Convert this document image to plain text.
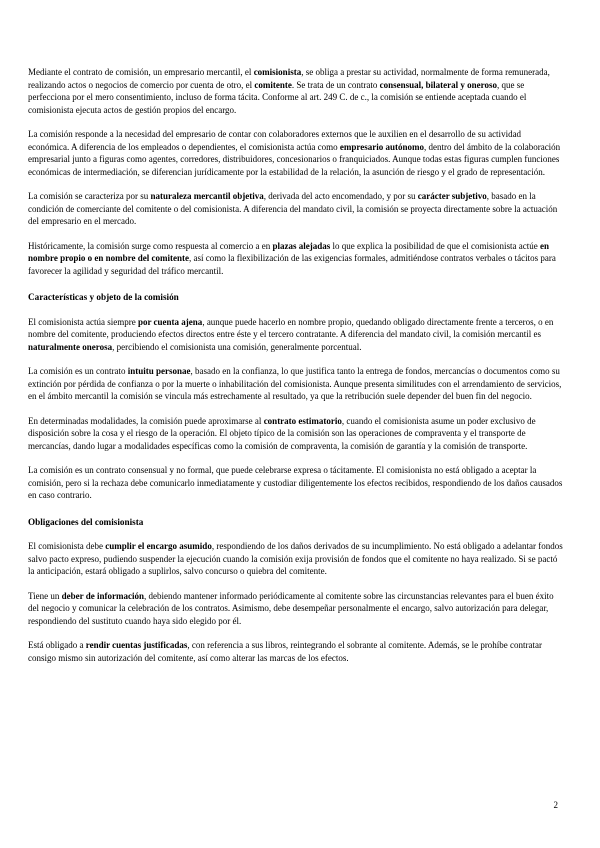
Mediante el contrato de comisión, un empresario mercantil, el comisionista, se obliga a prestar su actividad, normalmente de forma remunerada, realizando actos o negocios de comercio por cuenta de otro, el comitente. Se trata de un contrato consensual, bilateral y oneroso, que se perfecciona por el mero consentimiento, incluso de forma tácita. Conforme al art. 249 C. de c., la comisión se entiende aceptada cuando el comisionista ejecuta actos de gestión propios del encargo.

La comisión responde a la necesidad del empresario de contar con colaboradores externos que le auxilien en el desarrollo de su actividad económica. A diferencia de los empleados o dependientes, el comisionista actúa como empresario autónomo, dentro del ámbito de la colaboración empresarial junto a figuras como agentes, corredores, distribuidores, concesionarios o franquiciados. Aunque todas estas figuras cumplen funciones económicas de intermediación, se diferencian jurídicamente por la estabilidad de la relación, la asunción de riesgo y el grado de representación.

La comisión se caracteriza por su naturaleza mercantil objetiva, derivada del acto encomendado, y por su carácter subjetivo, basado en la condición de comerciante del comitente o del comisionista. A diferencia del mandato civil, la comisión se proyecta directamente sobre la actuación del empresario en el mercado.

Históricamente, la comisión surge como respuesta al comercio a en plazas alejadas lo que explica la posibilidad de que el comisionista actúe en nombre propio o en nombre del comitente, así como la flexibilización de las exigencias formales, admitiéndose contratos verbales o tácitos para favorecer la agilidad y seguridad del tráfico mercantil.

Características y objeto de la comisión

El comisionista actúa siempre por cuenta ajena, aunque puede hacerlo en nombre propio, quedando obligado directamente frente a terceros, o en nombre del comitente, produciendo efectos directos entre éste y el tercero contratante. A diferencia del mandato civil, la comisión mercantil es naturalmente onerosa, percibiendo el comisionista una comisión, generalmente porcentual.

La comisión es un contrato intuitu personae, basado en la confianza, lo que justifica tanto la entrega de fondos, mercancías o documentos como su extinción por pérdida de confianza o por la muerte o inhabilitación del comisionista. Aunque presenta similitudes con el arrendamiento de servicios, en el ámbito mercantil la comisión se vincula más estrechamente al resultado, ya que la retribución suele depender del buen fin del negocio.

En determinadas modalidades, la comisión puede aproximarse al contrato estimatorio, cuando el comisionista asume un poder exclusivo de disposición sobre la cosa y el riesgo de la operación. El objeto típico de la comisión son las operaciones de compraventa y el transporte de mercancías, dando lugar a modalidades específicas como la comisión de compraventa, la comisión de garantía y la comisión de transporte.

La comisión es un contrato consensual y no formal, que puede celebrarse expresa o tácitamente. El comisionista no está obligado a aceptar la comisión, pero si la rechaza debe comunicarlo inmediatamente y custodiar diligentemente los efectos recibidos, respondiendo de los daños causados en caso contrario.

Obligaciones del comisionista

El comisionista debe cumplir el encargo asumido, respondiendo de los daños derivados de su incumplimiento. No está obligado a adelantar fondos salvo pacto expreso, pudiendo suspender la ejecución cuando la comisión exija provisión de fondos que el comitente no haya realizado. Si se pactó la anticipación, estará obligado a suplirlos, salvo concurso o quiebra del comitente.

Tiene un deber de información, debiendo mantener informado periódicamente al comitente sobre las circunstancias relevantes para el buen éxito del negocio y comunicar la celebración de los contratos. Asimismo, debe desempeñar personalmente el encargo, salvo autorización para delegar, respondiendo del sustituto cuando haya sido elegido por él.

Está obligado a rendir cuentas justificadas, con referencia a sus libros, reintegrando el sobrante al comitente. Además, se le prohíbe contratar consigo mismo sin autorización del comitente, así como alterar las marcas de los efectos.

2
